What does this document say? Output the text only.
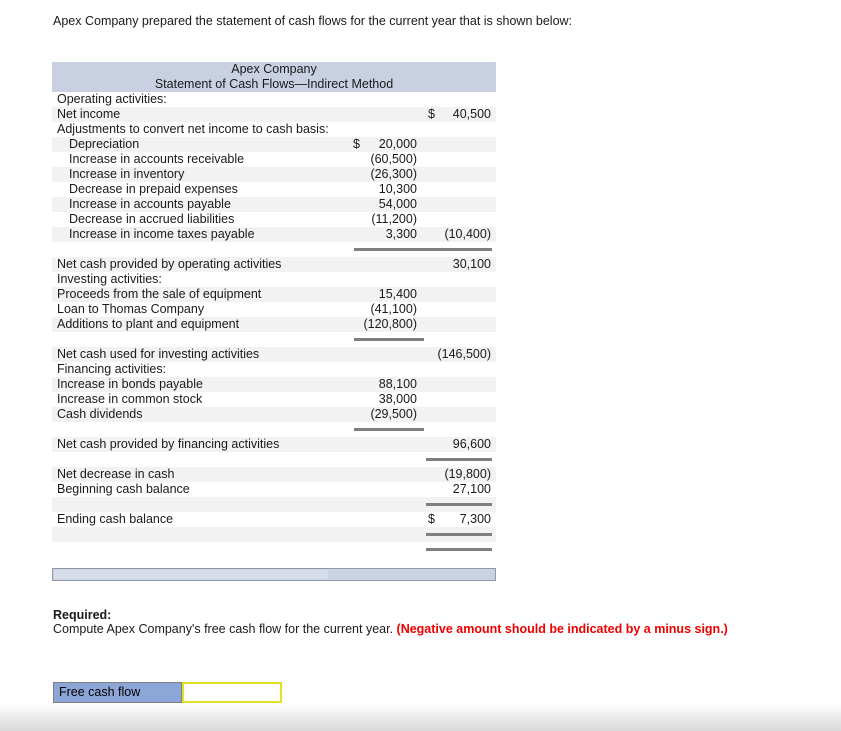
Apex Company prepared the statement of cash flows for the current year that is shown below:
Apex Company
Statement of Cash Flows—Indirect Method
Operating activities:
Net income	$ 40,500
Adjustments to convert net income to cash basis:
Depreciation	$ 20,000
Increase in accounts receivable	(60,500)
Increase in inventory	(26,300)
Decrease in prepaid expenses	10,300
Increase in accounts payable	54,000
Decrease in accrued liabilities	(11,200)
Increase in income taxes payable	3,300 (10,400)
Net cash provided by operating activities	30,100
Investing activities:
Proceeds from the sale of equipment	15,400
Loan to Thomas Company	(41,100)
Additions to plant and equipment	(120,800)
Net cash used for investing activities	(146,500)
Financing activities:
Increase in bonds payable	88,100
Increase in common stock	38,000
Cash dividends	(29,500)
Net cash provided by financing activities	96,600
Net decrease in cash	(19,800)
Beginning cash balance	27,100
Ending cash balance	$ 7,300
Required:
Compute Apex Company's free cash flow for the current year. (Negative amount should be indicated by a minus sign.)
Free cash flow
